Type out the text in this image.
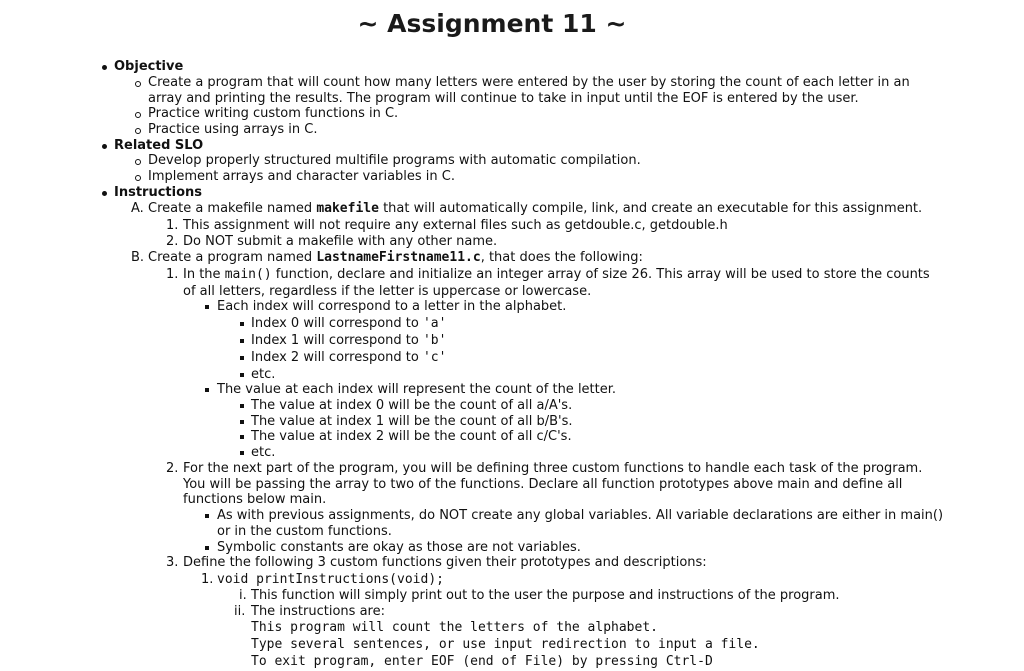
~ Assignment 11 ~
Objective
Create a program that will count how many letters were entered by the user by storing the count of each letter in an
array and printing the results. The program will continue to take in input until the EOF is entered by the user.
Practice writing custom functions in C.
Practice using arrays in C.
Related SLO
Develop properly structured multifile programs with automatic compilation.
Implement arrays and character variables in C.
Instructions
A. Create a makefile named makefile that will automatically compile, link, and create an executable for this assignment.
1. This assignment will not require any external files such as getdouble.c, getdouble.h
2. Do NOT submit a makefile with any other name.
B. Create a program named LastnameFirstname11.c, that does the following:
1. In the main() function, declare and initialize an integer array of size 26. This array will be used to store the counts
of all letters, regardless if the letter is uppercase or lowercase.
Each index will correspond to a letter in the alphabet.
Index 0 will correspond to 'a'
Index 1 will correspond to 'b'
Index 2 will correspond to 'c'
etc.
The value at each index will represent the count of the letter.
The value at index 0 will be the count of all a/A's.
The value at index 1 will be the count of all b/B's.
The value at index 2 will be the count of all c/C's.
etc.
2. For the next part of the program, you will be defining three custom functions to handle each task of the program.
You will be passing the array to two of the functions. Declare all function prototypes above main and define all
functions below main.
As with previous assignments, do NOT create any global variables. All variable declarations are either in main()
or in the custom functions.
Symbolic constants are okay as those are not variables.
3. Define the following 3 custom functions given their prototypes and descriptions:
1. void printInstructions(void);
i. This function will simply print out to the user the purpose and instructions of the program.
ii. The instructions are:
This program will count the letters of the alphabet.
Type several sentences, or use input redirection to input a file.
To exit program, enter EOF (end of File) by pressing Ctrl-D
